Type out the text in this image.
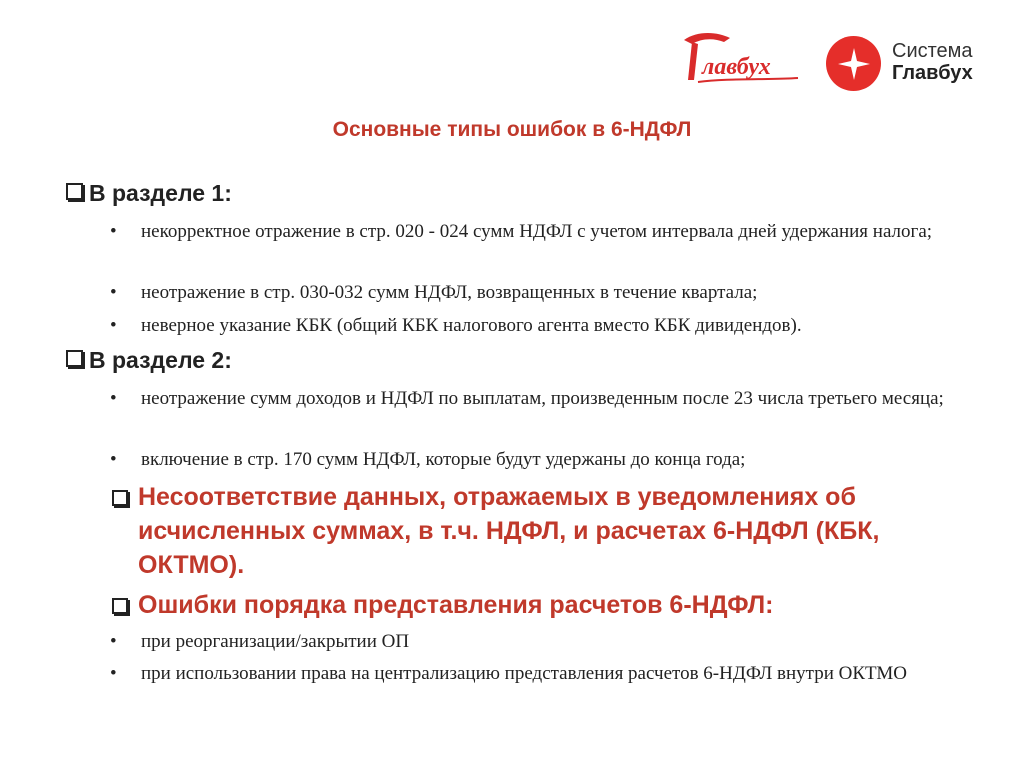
лавбух
Система
Главбух
Основные типы ошибок в 6-НДФЛ
В разделе 1:
• некорректное отражение в стр. 020 - 024 сумм НДФЛ с учетом интервала дней удержания налога;
• неотражение в стр. 030-032 сумм НДФЛ, возвращенных в течение квартала;
• неверное указание КБК (общий КБК налогового агента вместо КБК дивидендов).
В разделе 2:
• неотражение сумм доходов и НДФЛ по выплатам, произведенным после 23 числа третьего месяца;
• включение в стр. 170 сумм НДФЛ, которые будут удержаны до конца года;
Несоответствие данных, отражаемых в уведомлениях об исчисленных суммах, в т.ч. НДФЛ, и расчетах 6-НДФЛ (КБК, ОКТМО).
Ошибки порядка представления расчетов 6-НДФЛ:
• при реорганизации/закрытии ОП
• при использовании права на централизацию представления расчетов 6-НДФЛ внутри ОКТМО
